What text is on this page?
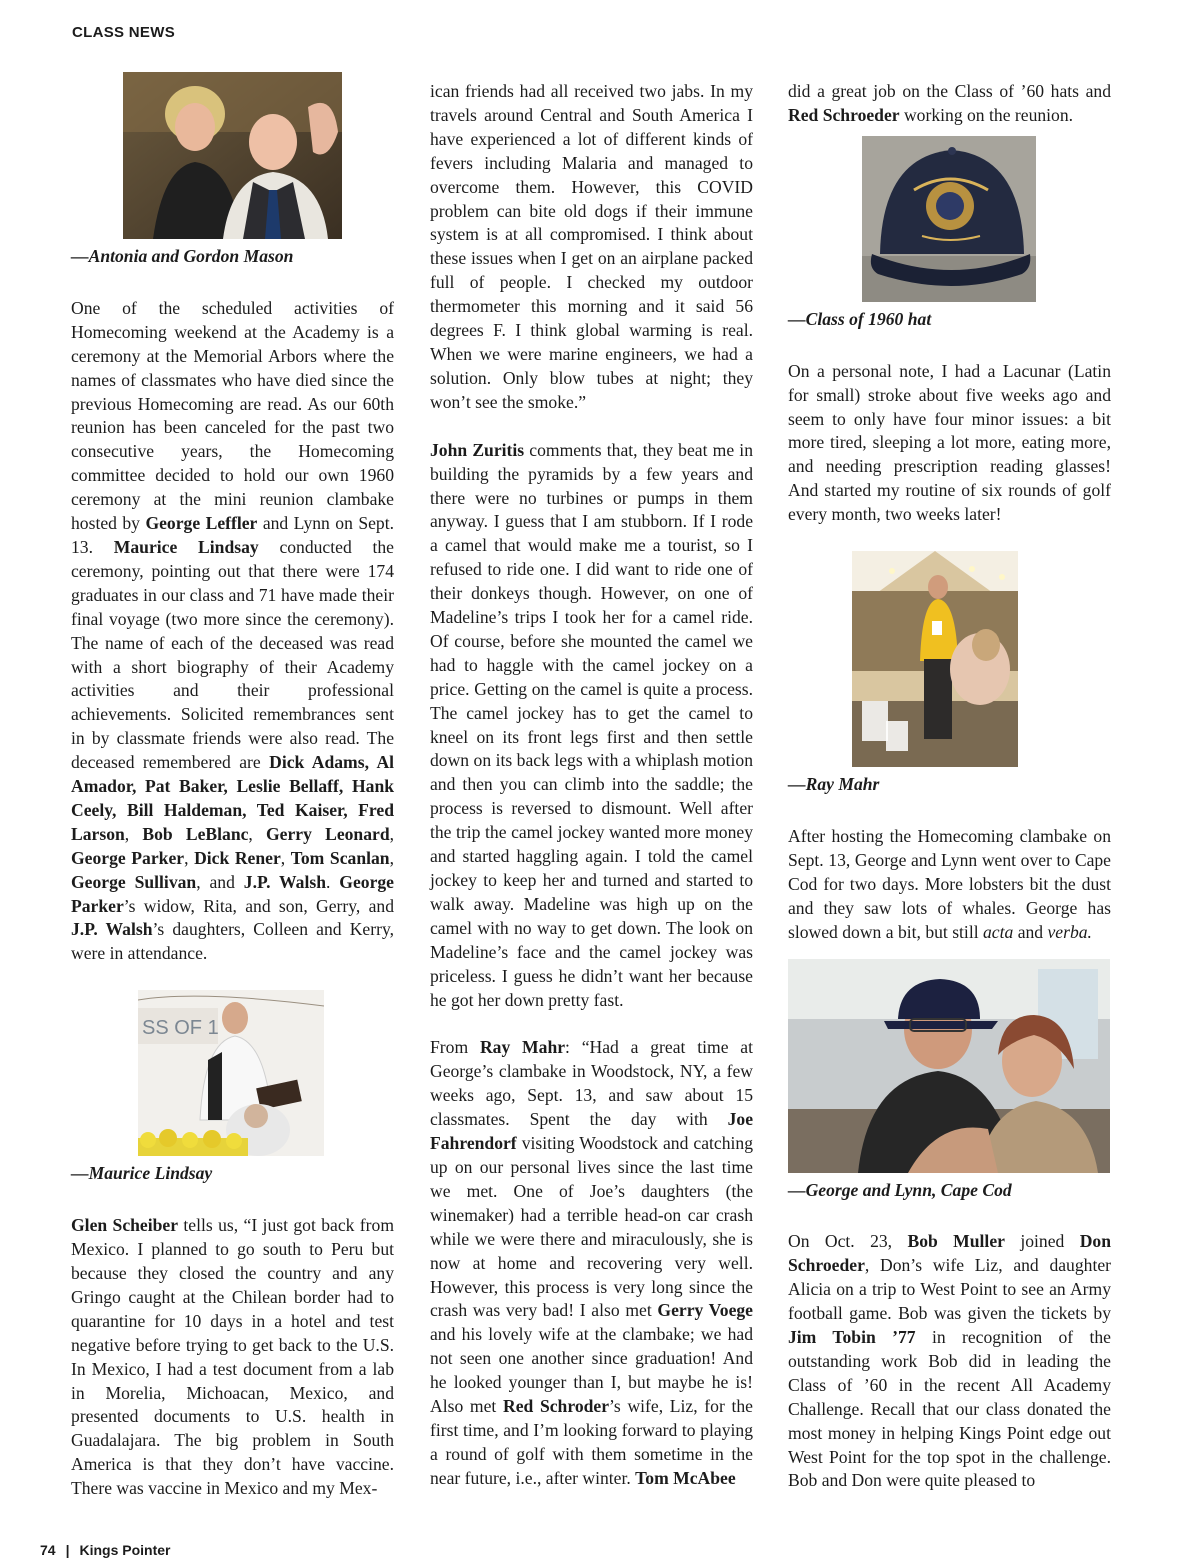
CLASS NEWS

—Antonia and Gordon Mason

One of the scheduled activities of Homecoming weekend at the Academy is a ceremony at the Memorial Arbors where the names of classmates who have died since the previous Homecoming are read. As our 60th reunion has been canceled for the past two consecutive years, the Homecoming committee decided to hold our own 1960 ceremony at the mini reunion clambake hosted by George Leffler and Lynn on Sept. 13. Maurice Lindsay conducted the ceremony, pointing out that there were 174 graduates in our class and 71 have made their final voyage (two more since the ceremony). The name of each of the deceased was read with a short biography of their Academy activities and their professional achievements. Solicited remembrances sent in by classmate friends were also read. The deceased remembered are Dick Adams, Al Amador, Pat Baker, Leslie Bellaff, Hank Ceely, Bill Haldeman, Ted Kaiser, Fred Larson, Bob LeBlanc, Gerry Leonard, George Parker, Dick Rener, Tom Scanlan, George Sullivan, and J.P. Walsh. George Parker’s widow, Rita, and son, Gerry, and J.P. Walsh’s daughters, Colleen and Kerry, were in attendance.

SS OF 1

—Maurice Lindsay

Glen Scheiber tells us, “I just got back from Mexico. I planned to go south to Peru but because they closed the country and any Gringo caught at the Chilean border had to quarantine for 10 days in a hotel and test negative before trying to get back to the U.S. In Mexico, I had a test document from a lab in Morelia, Michoacan, Mexico, and presented documents to U.S. health in Guadalajara. The big problem in South America is that they don’t have vaccine. There was vaccine in Mexico and my Mex-

ican friends had all received two jabs. In my travels around Central and South America I have experienced a lot of different kinds of fevers including Malaria and managed to overcome them. However, this COVID problem can bite old dogs if their immune system is at all compromised. I think about these issues when I get on an airplane packed full of people. I checked my outdoor thermometer this morning and it said 56 degrees F. I think global warming is real. When we were marine engineers, we had a solution. Only blow tubes at night; they won’t see the smoke.”

John Zuritis comments that, they beat me in building the pyramids by a few years and there were no turbines or pumps in them anyway. I guess that I am stubborn. If I rode a camel that would make me a tourist, so I refused to ride one. I did want to ride one of their donkeys though. However, on one of Madeline’s trips I took her for a camel ride. Of course, before she mounted the camel we had to haggle with the camel jockey on a price. Getting on the camel is quite a process. The camel jockey has to get the camel to kneel on its front legs first and then settle down on its back legs with a whiplash motion and then you can climb into the saddle; the process is reversed to dismount. Well after the trip the camel jockey wanted more money and started haggling again. I told the camel jockey to keep her and turned and started to walk away. Madeline was high up on the camel with no way to get down. The look on Madeline’s face and the camel jockey was priceless. I guess he didn’t want her because he got her down pretty fast.

From Ray Mahr: “Had a great time at George’s clambake in Woodstock, NY, a few weeks ago, Sept. 13, and saw about 15 classmates. Spent the day with Joe Fahrendorf visiting Woodstock and catching up on our personal lives since the last time we met. One of Joe’s daughters (the winemaker) had a terrible head-on car crash while we were there and miraculously, she is now at home and recovering very well. However, this process is very long since the crash was very bad! I also met Gerry Voege and his lovely wife at the clambake; we had not seen one another since graduation! And he looked younger than I, but maybe he is! Also met Red Schroder’s wife, Liz, for the first time, and I’m looking forward to playing a round of golf with them sometime in the near future, i.e., after winter. Tom McAbee

did a great job on the Class of ’60 hats and Red Schroeder working on the reunion.

—Class of 1960 hat

On a personal note, I had a Lacunar (Latin for small) stroke about five weeks ago and seem to only have four minor issues: a bit more tired, sleeping a lot more, eating more, and needing prescription reading glasses! And started my routine of six rounds of golf every month, two weeks later!

—Ray Mahr

After hosting the Homecoming clambake on Sept. 13, George and Lynn went over to Cape Cod for two days. More lobsters bit the dust and they saw lots of whales. George has slowed down a bit, but still acta and verba.

—George and Lynn, Cape Cod

On Oct. 23, Bob Muller joined Don Schroeder, Don’s wife Liz, and daughter Alicia on a trip to West Point to see an Army football game. Bob was given the tickets by Jim Tobin ’77 in recognition of the outstanding work Bob did in leading the Class of ’60 in the recent All Academy Challenge. Recall that our class donated the most money in helping Kings Point edge out West Point for the top spot in the challenge. Bob and Don were quite pleased to

74 | Kings Pointer
